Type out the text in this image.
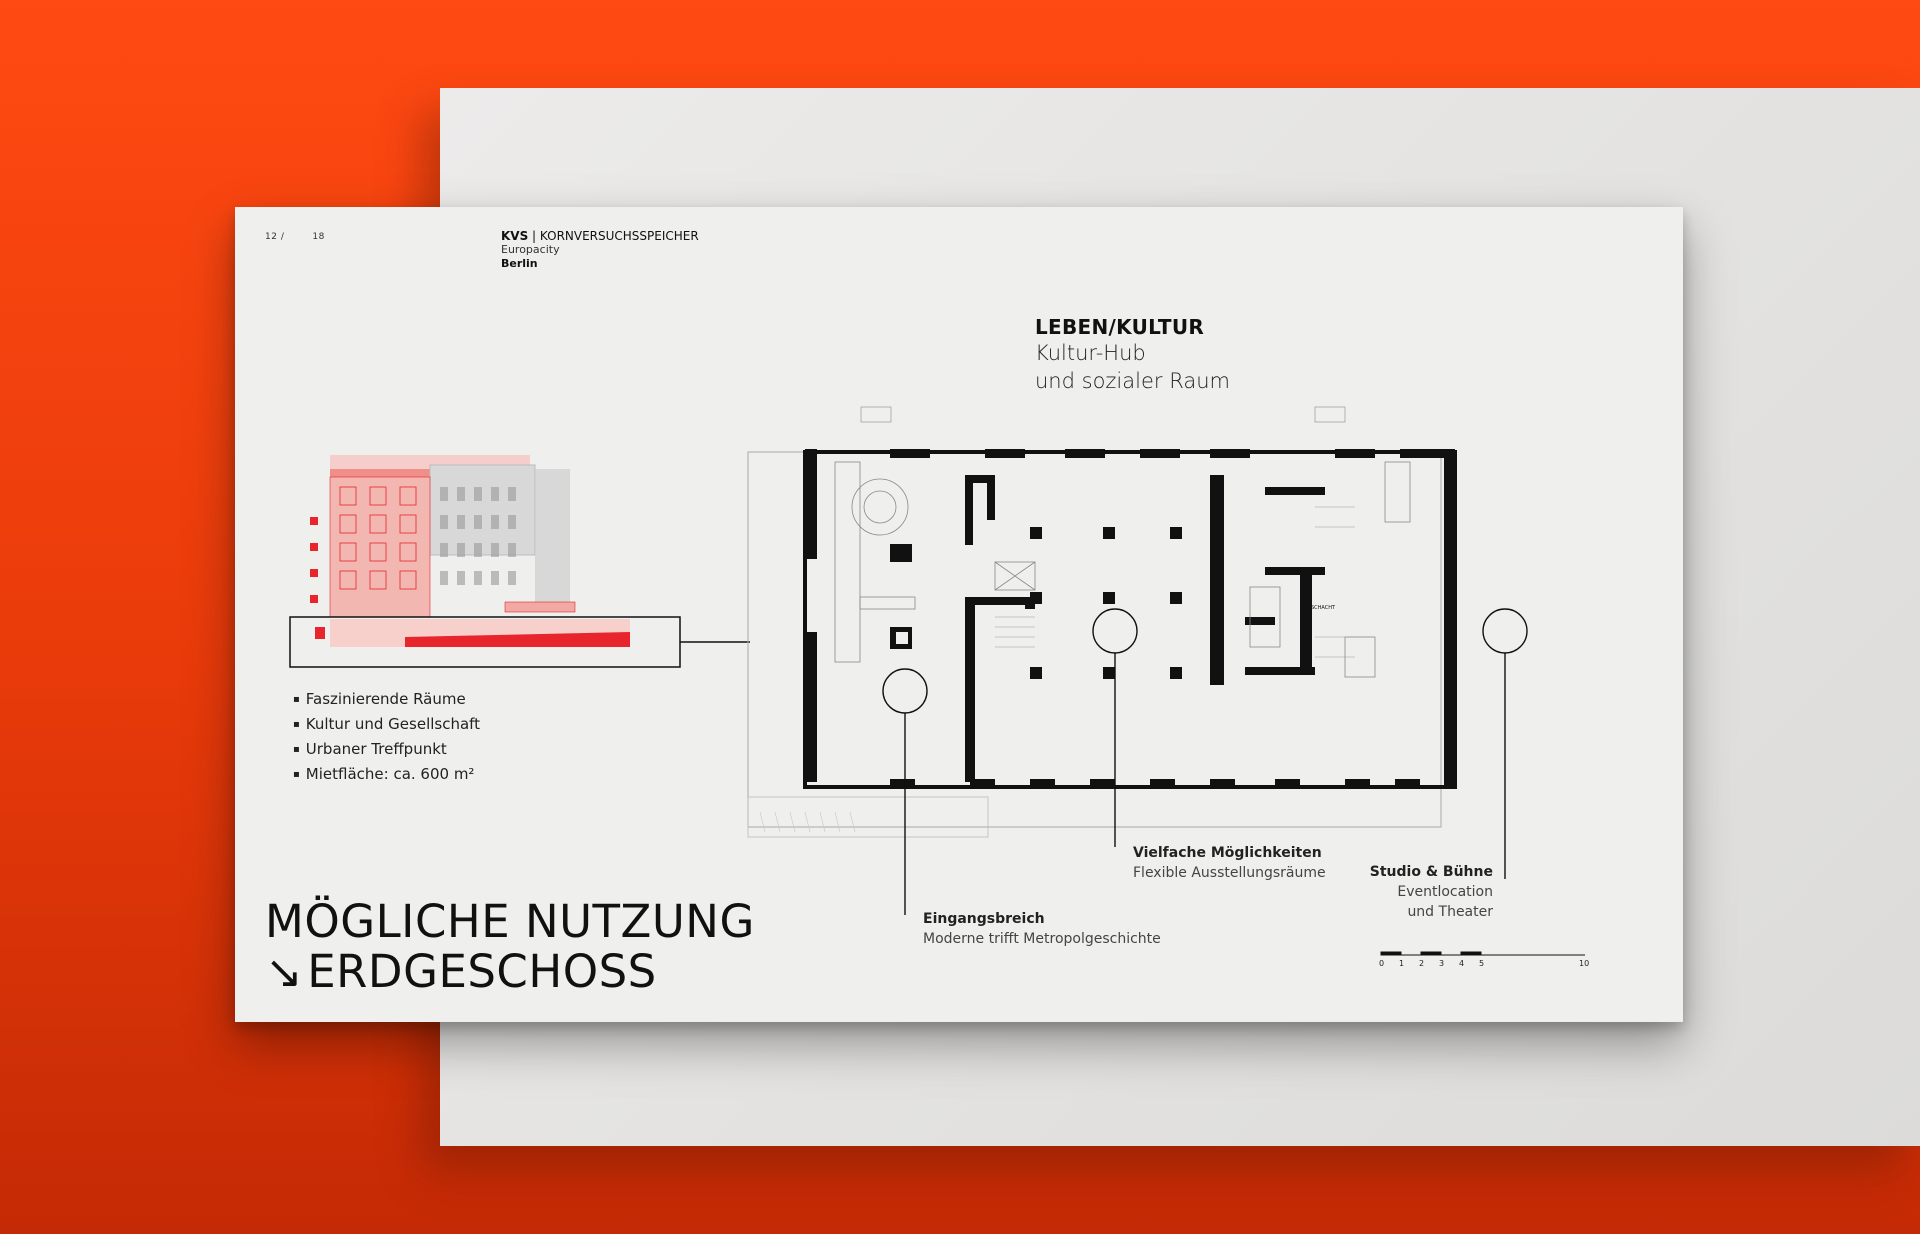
12 /	18	KVS | KORNVERSUCHSSPEICHER
Europacity
Berlin
LEBEN/KULTUR
Kultur-Hub
und sozialer Raum
SCHACHT
▪ Faszinierende Räume
▪ Kultur und Gesellschaft
▪ Urbaner Treffpunkt
▪ Mietfläche: ca. 600 m²
MÖGLICHE NUTZUNG
↘ERDGESCHOSS
Eingangsbreich
Moderne trifft Metropolgeschichte
Vielfache Möglichkeiten
Flexible Ausstellungsräume	Studio & Bühne
Eventlocation
und Theater
0 1 2 3 4 5	10
